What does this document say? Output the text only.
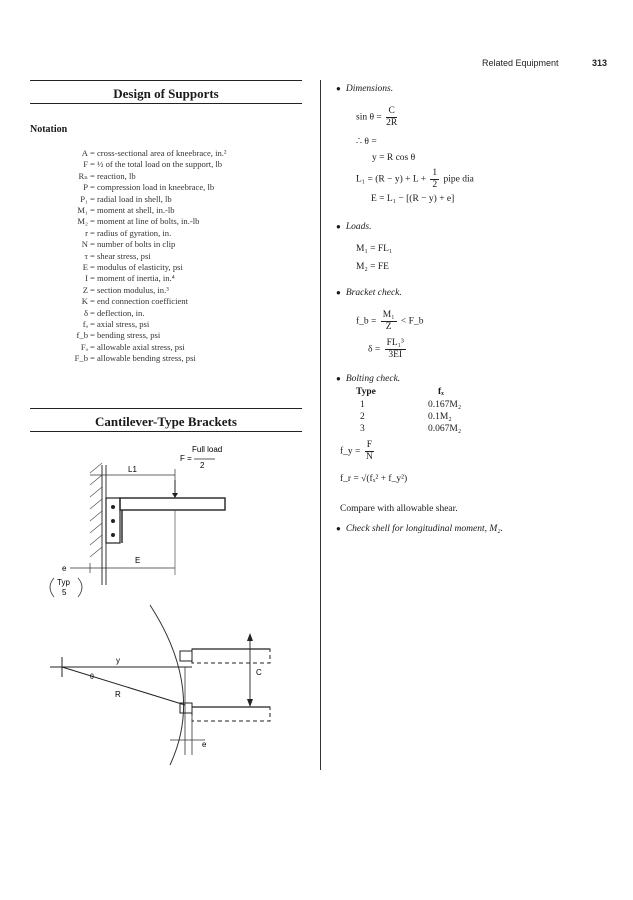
Related Equipment	313
Design of Supports
Notation
A = cross-sectional area of kneebrace, in.²
F = ½ of the total load on the support, lb
Rₙ = reaction, lb
P = compression load in kneebrace, lb
P₁ = radial load in shell, lb
M₁ = moment at shell, in.-lb
M₂ = moment at line of bolts, in.-lb
r = radius of gyration, in.
N = number of bolts in clip
τ = shear stress, psi
E = modulus of elasticity, psi
I = moment of inertia, in.⁴
Z = section modulus, in.³
K = end connection coefficient
δ = deflection, in.
fₐ = axial stress, psi
f_b = bending stress, psi
Fₐ = allowable axial stress, psi
F_b = allowable bending stress, psi
Cantilever-Type Brackets
Full load
F =
2
L1
E
e
Typ
5
C
y
θ
R
e
● Dimensions.
$\sin \theta = \frac{C}{2R}$
∴ θ =
y = R cos θ
$L_1 = (R - y) + L + \frac{1}{2}$ pipe dia
E = L₁ − [(R − y) + e]
● Loads.
M₁ = FL₁
M₂ = FE
● Bracket check.
f_b = $\frac{\text{M₁}}{Z}$ < F_b
$\delta = \frac{\text{FL₁³}}{3EI}$
● Bolting check.
Type	fₓ
1	0.167M₂
2	0.1M₂
3	0.067M₂
f_y = $\frac{F}{N}$
f_r = √(fₓ² + f_y²)
Compare with allowable shear.
● Check shell for longitudinal moment, M₂.
